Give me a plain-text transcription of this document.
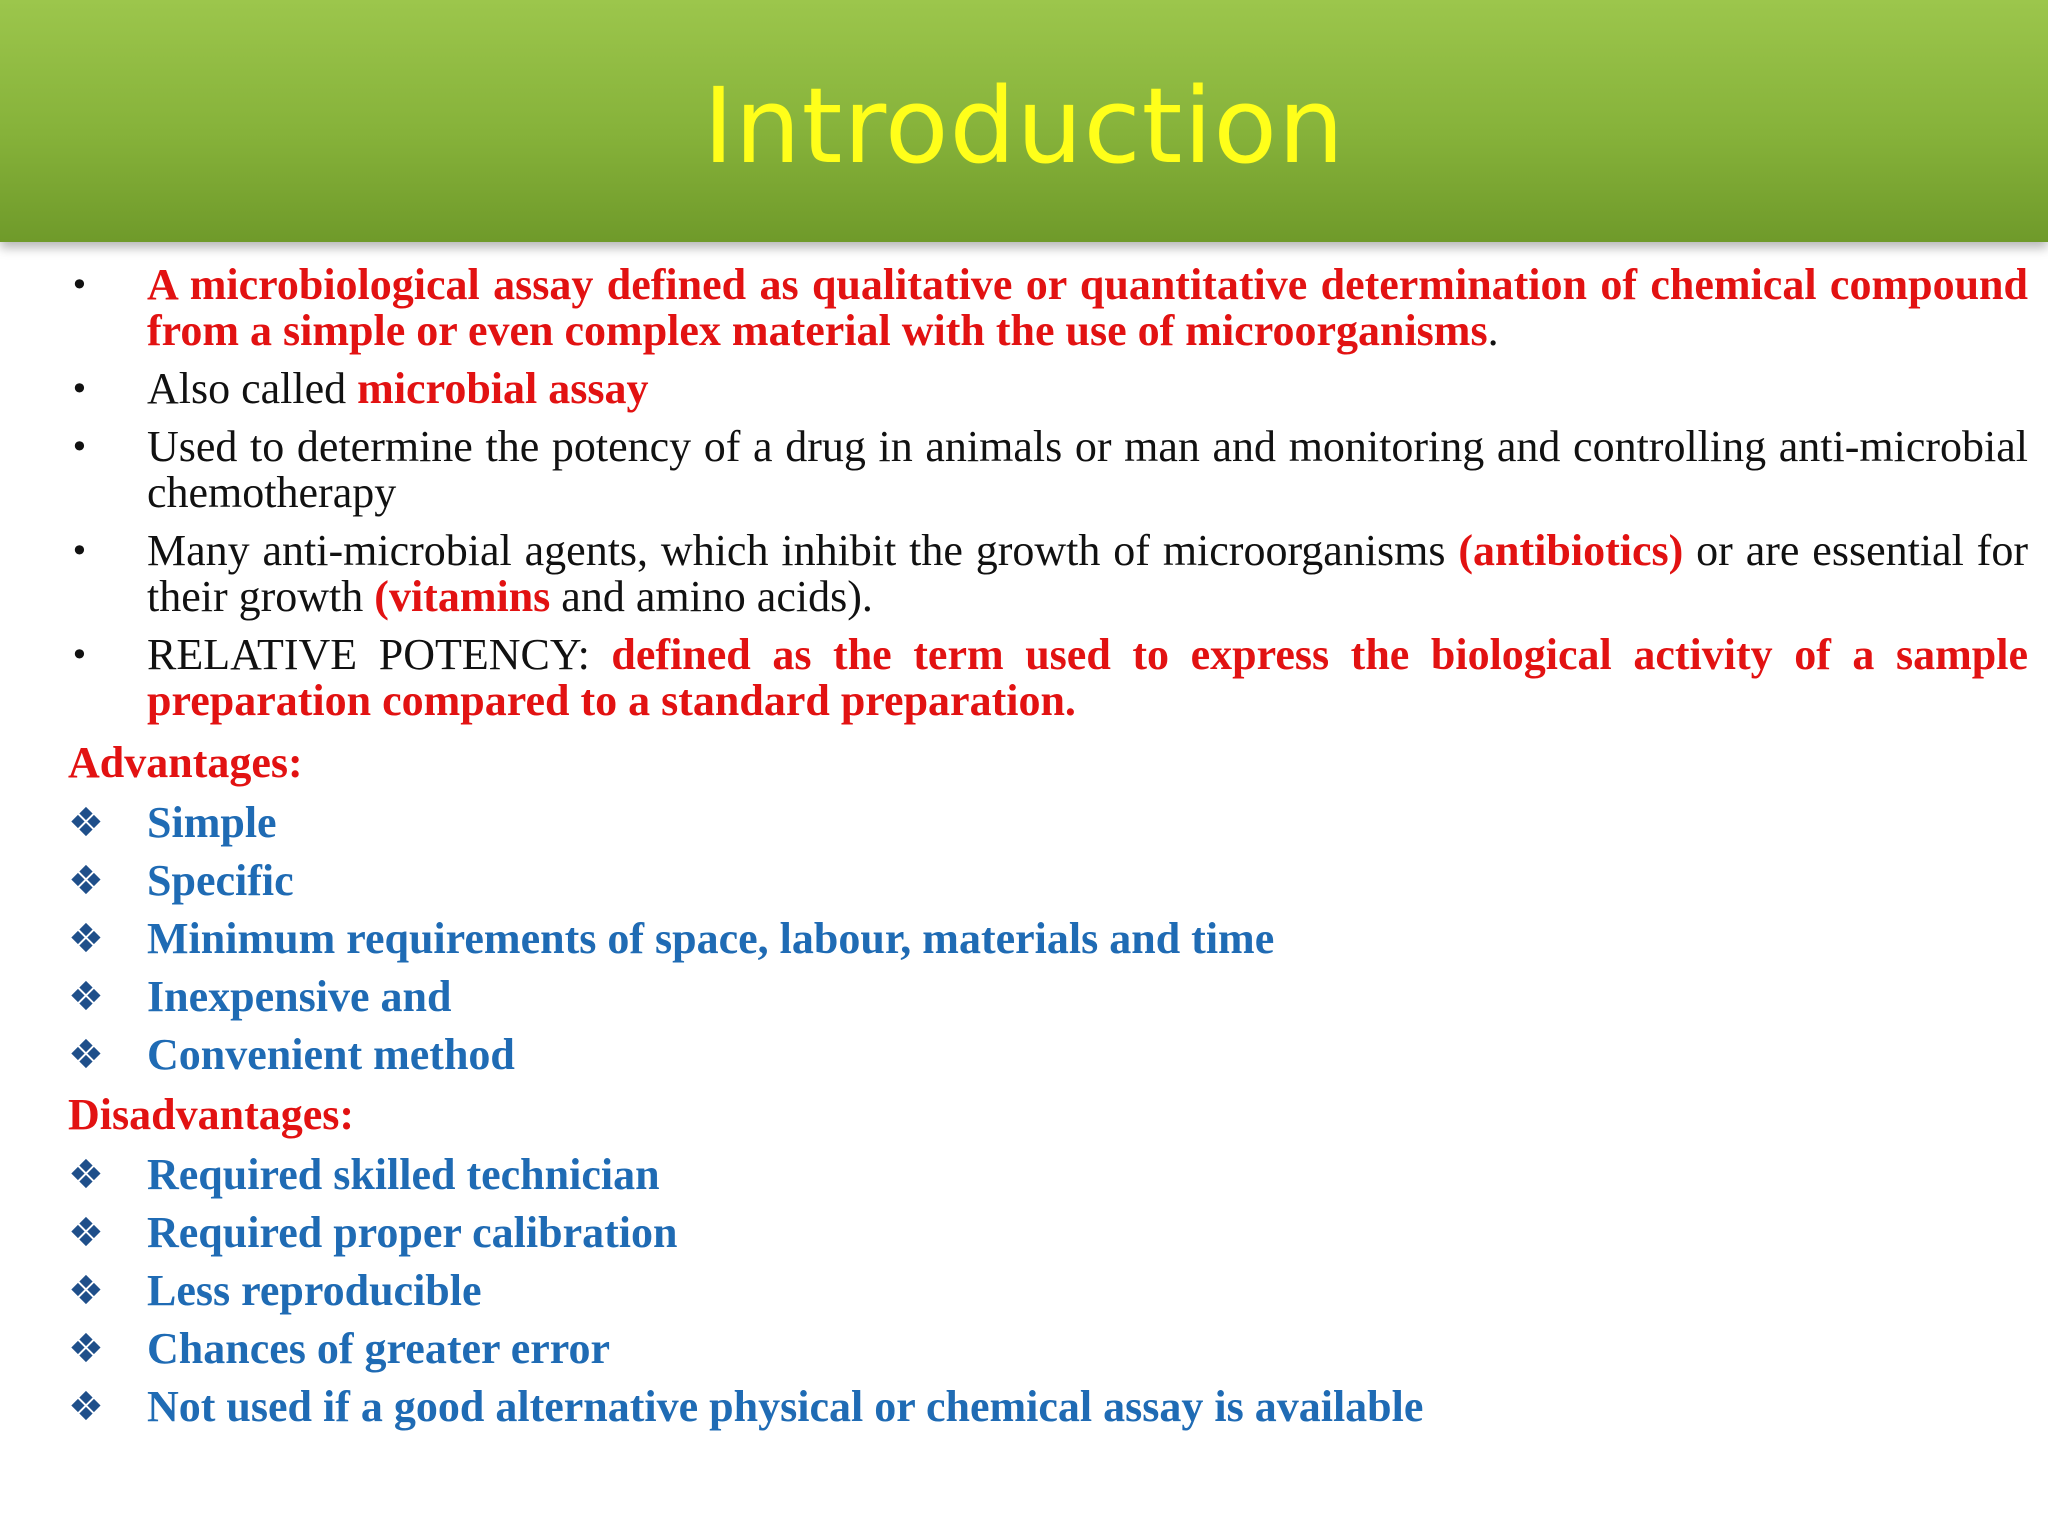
Introduction
• A microbiological assay defined as qualitative or quantitative determination of chemical compound from a simple or even complex material with the use of microorganisms.
• Also called microbial assay
• Used to determine the potency of a drug in animals or man and monitoring and controlling anti-microbial chemotherapy
• Many anti-microbial agents, which inhibit the growth of microorganisms (antibiotics) or are essential for their growth (vitamins and amino acids).
• RELATIVE POTENCY: defined as the term used to express the biological activity of a sample preparation compared to a standard preparation.
Advantages:
❖ Simple
❖ Specific
❖ Minimum requirements of space, labour, materials and time
❖ Inexpensive and
❖ Convenient method
Disadvantages:
❖ Required skilled technician
❖ Required proper calibration
❖ Less reproducible
❖ Chances of greater error
❖ Not used if a good alternative physical or chemical assay is available
